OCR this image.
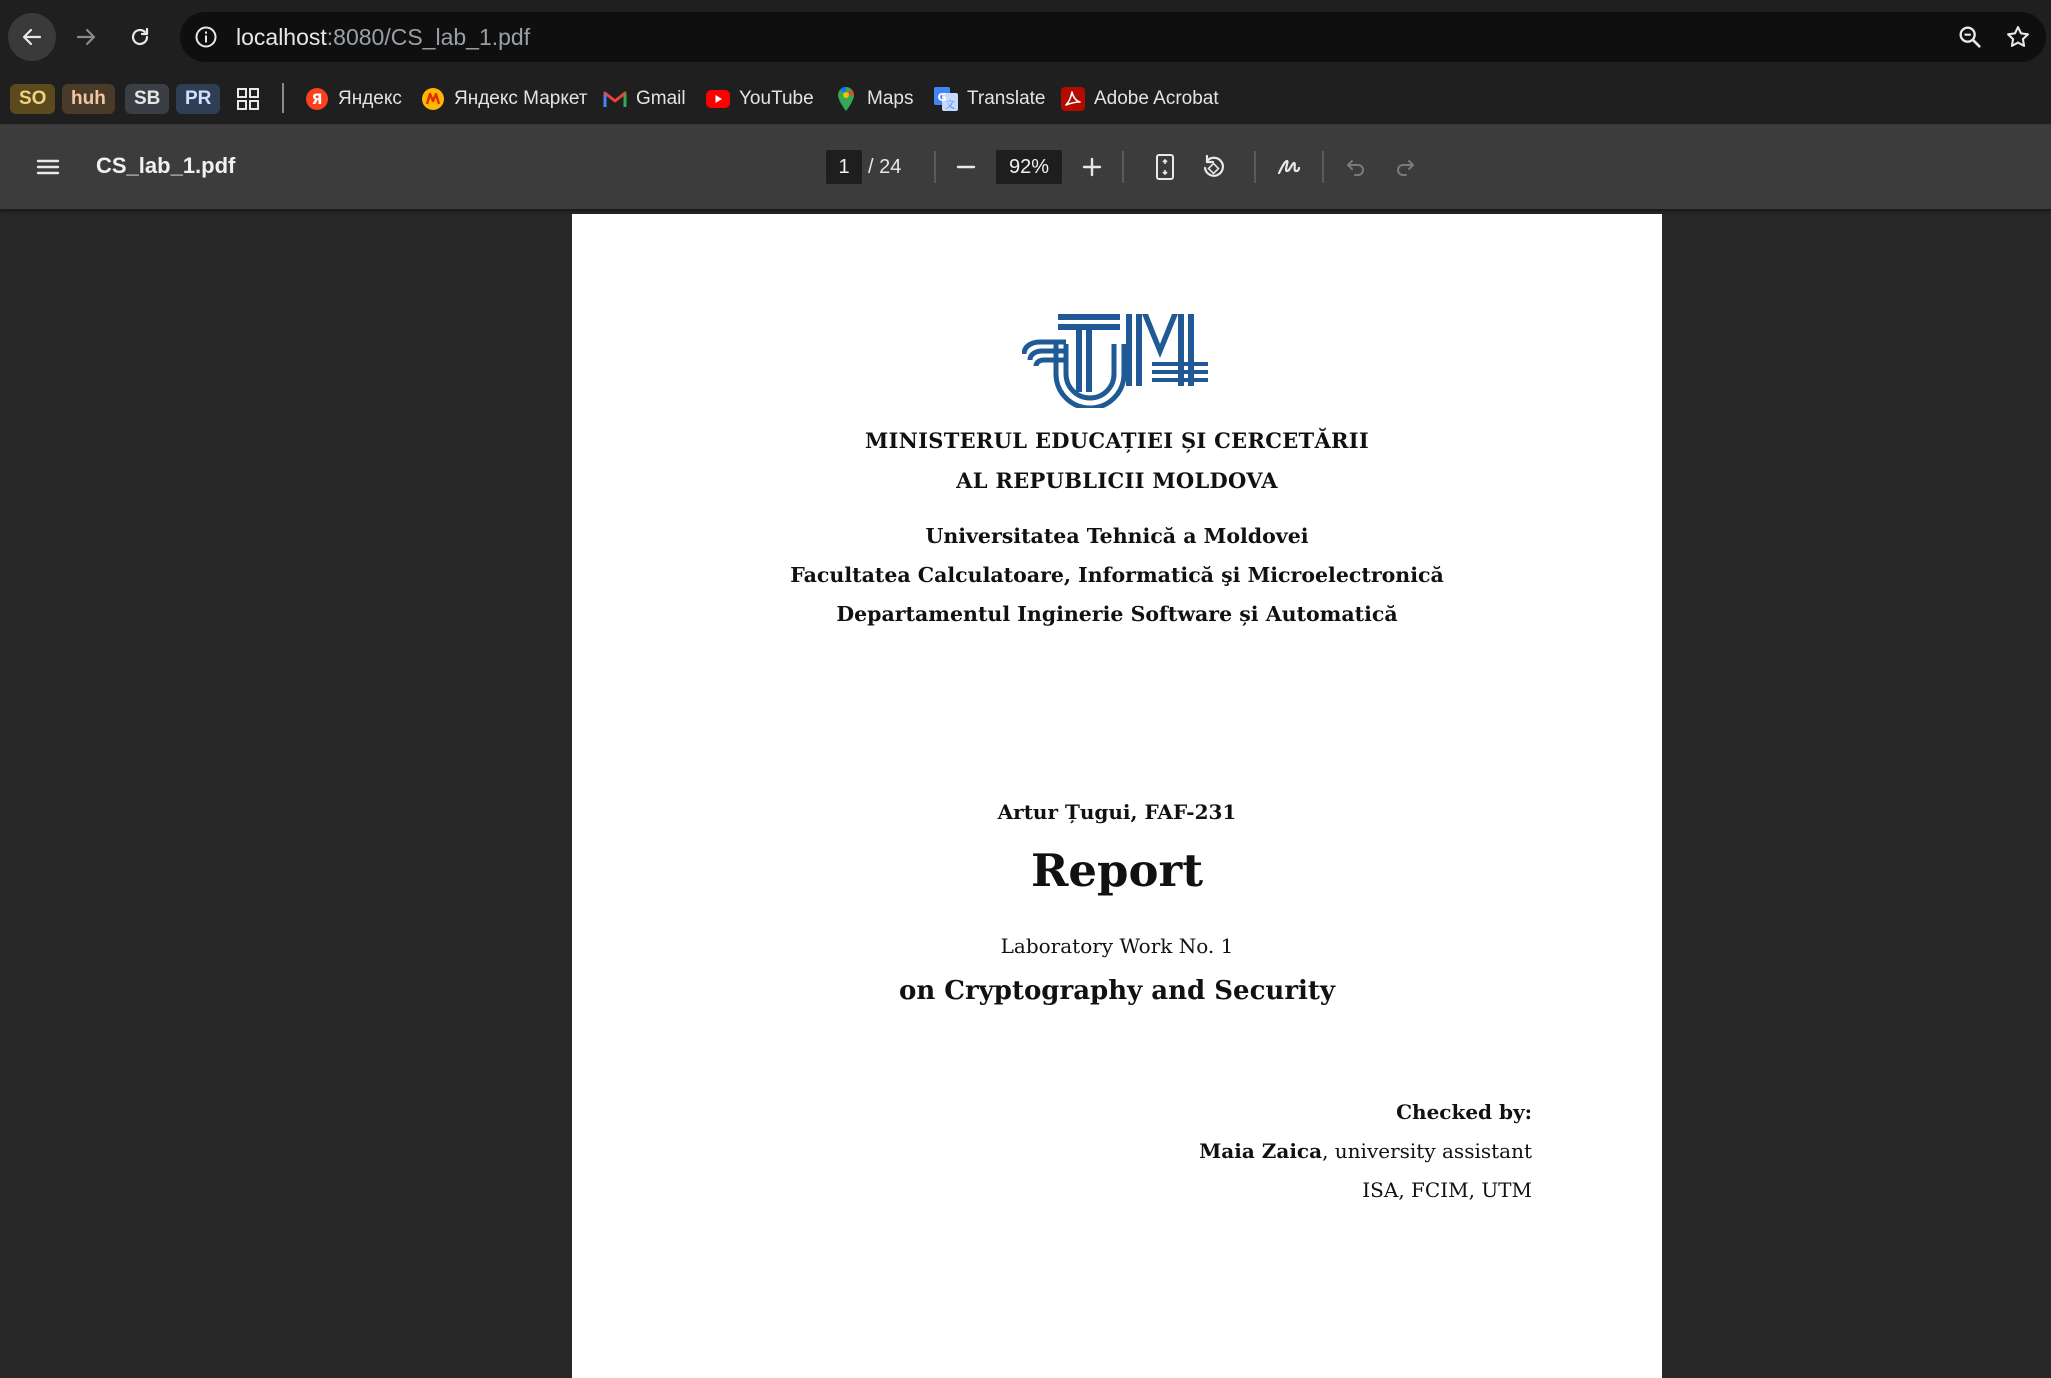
localhost:8080/CS_lab_1.pdf
SO	huh	SB	PR	Я Яндекс	Яндекс Маркет	Gmail	YouTube	Maps G
文 Translate	Adobe Acrobat
CS_lab_1.pdf	1 / 24	92%
MINISTERUL EDUCAȚIEI ȘI CERCETĂRII
AL REPUBLICII MOLDOVA
Universitatea Tehnică a Moldovei
Facultatea Calculatoare, Informatică şi Microelectronică
Departamentul Inginerie Software și Automatică
Artur Țugui, FAF-231
Report
Laboratory Work No. 1
on Cryptography and Security
Checked by:
Maia Zaica, university assistant
ISA, FCIM, UTM
